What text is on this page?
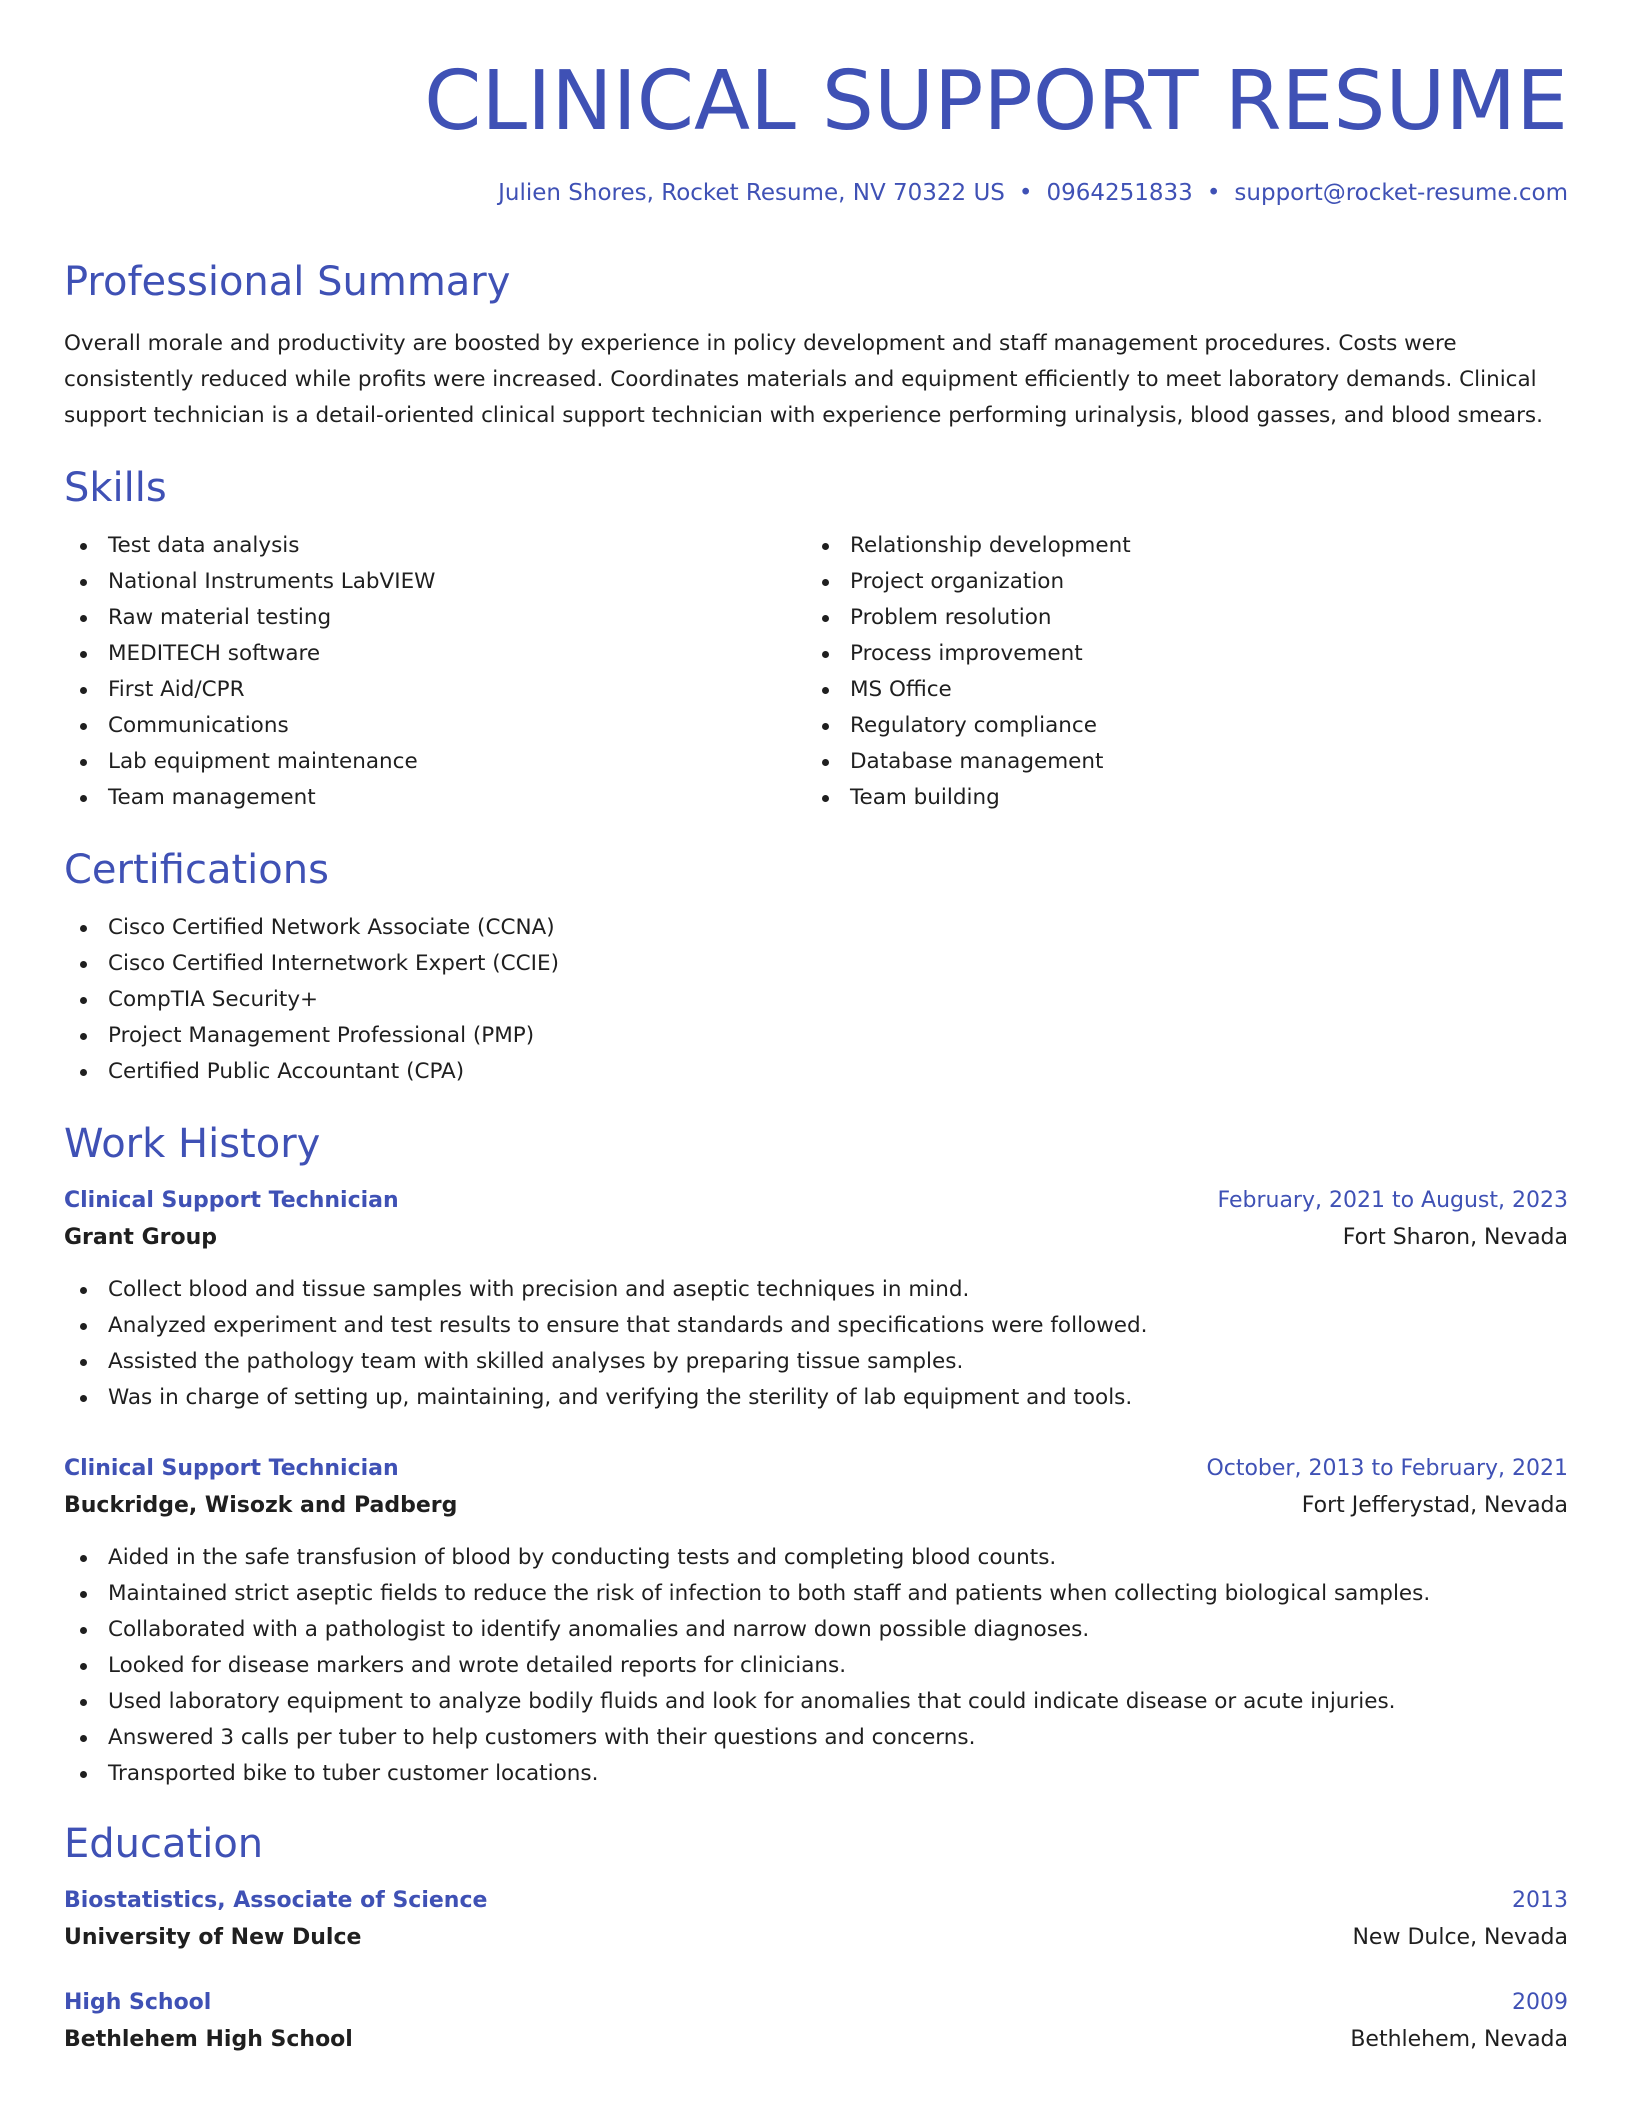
CLINICAL SUPPORT RESUME
Julien Shores, Rocket Resume, NV 70322 US • 0964251833 • support@rocket-resume.com
Professional Summary

Overall morale and productivity are boosted by experience in policy development and staff management procedures. Costs were consistently reduced while profits were increased. Coordinates materials and equipment efficiently to meet laboratory demands. Clinical support technician is a detail-oriented clinical support technician with experience performing urinalysis, blood gasses, and blood smears.

Skills
Test data analysis
National Instruments LabVIEW
Raw material testing
MEDITECH software
First Aid/CPR
Communications
Lab equipment maintenance
Team management
Relationship development
Project organization
Problem resolution
Process improvement
MS Office
Regulatory compliance
Database management
Team building
Certifications
Cisco Certified Network Associate (CCNA)
Cisco Certified Internetwork Expert (CCIE)
CompTIA Security+
Project Management Professional (PMP)
Certified Public Accountant (CPA)
Work History
Clinical Support Technician	February, 2021 to August, 2023
Grant Group	Fort Sharon, Nevada
Collect blood and tissue samples with precision and aseptic techniques in mind.
Analyzed experiment and test results to ensure that standards and specifications were followed.
Assisted the pathology team with skilled analyses by preparing tissue samples.
Was in charge of setting up, maintaining, and verifying the sterility of lab equipment and tools.
Clinical Support Technician	October, 2013 to February, 2021
Buckridge, Wisozk and Padberg	Fort Jefferystad, Nevada
Aided in the safe transfusion of blood by conducting tests and completing blood counts.
Maintained strict aseptic fields to reduce the risk of infection to both staff and patients when collecting biological samples.
Collaborated with a pathologist to identify anomalies and narrow down possible diagnoses.
Looked for disease markers and wrote detailed reports for clinicians.
Used laboratory equipment to analyze bodily fluids and look for anomalies that could indicate disease or acute injuries.
Answered 3 calls per tuber to help customers with their questions and concerns.
Transported bike to tuber customer locations.
Education
Biostatistics, Associate of Science	2013
University of New Dulce	New Dulce, Nevada
High School	2009
Bethlehem High School	Bethlehem, Nevada
